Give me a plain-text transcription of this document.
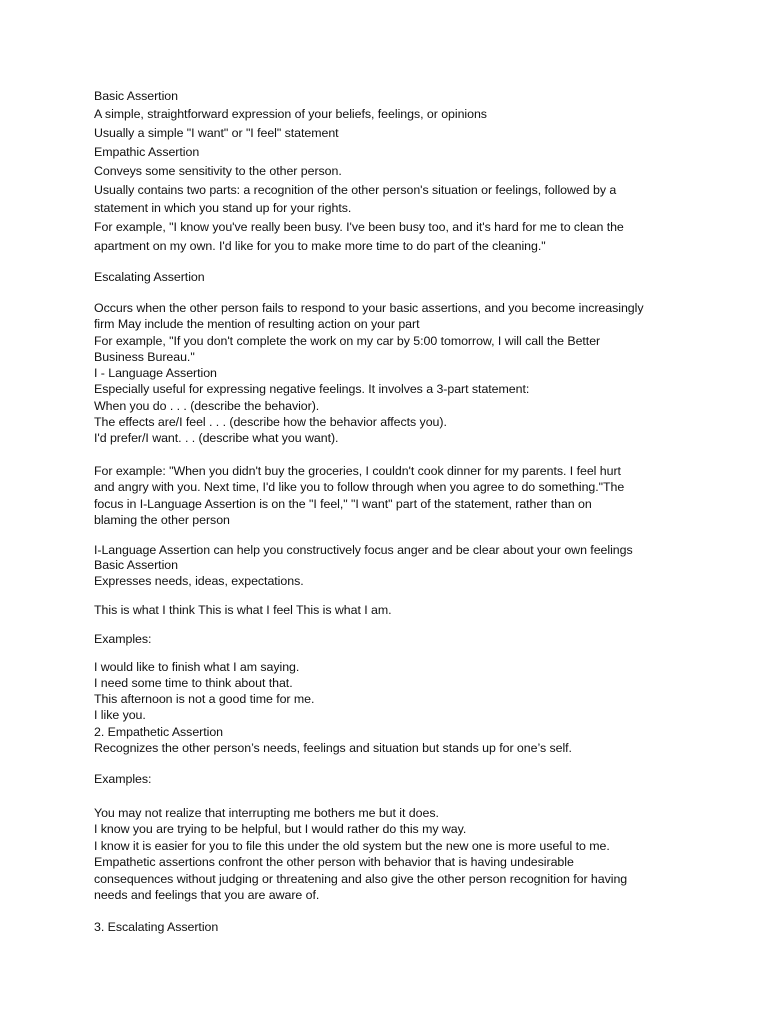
Basic Assertion

A simple, straightforward expression of your beliefs, feelings, or opinions

Usually a simple "I want" or "I feel" statement

Empathic Assertion

Conveys some sensitivity to the other person.

Usually contains two parts: a recognition of the other person's situation or feelings, followed by a

statement in which you stand up for your rights.

For example, "I know you've really been busy. I've been busy too, and it's hard for me to clean the

apartment on my own. I'd like for you to make more time to do part of the cleaning."

Escalating Assertion

Occurs when the other person fails to respond to your basic assertions, and you become increasingly

firm May include the mention of resulting action on your part

For example, "If you don't complete the work on my car by 5:00 tomorrow, I will call the Better

Business Bureau."

I - Language Assertion

Especially useful for expressing negative feelings. It involves a 3-part statement:

When you do . . . (describe the behavior).

The effects are/I feel . . . (describe how the behavior affects you).

I'd prefer/I want. . . (describe what you want).

For example: "When you didn't buy the groceries, I couldn't cook dinner for my parents. I feel hurt

and angry with you. Next time, I'd like you to follow through when you agree to do something."The

focus in I-Language Assertion is on the "I feel," "I want" part of the statement, rather than on

blaming the other person

I-Language Assertion can help you constructively focus anger and be clear about your own feelings

Basic Assertion

Expresses needs, ideas, expectations.

This is what I think This is what I feel This is what I am.

Examples:

I would like to finish what I am saying.

I need some time to think about that.

This afternoon is not a good time for me.

I like you.

2. Empathetic Assertion

Recognizes the other person’s needs, feelings and situation but stands up for one’s self.

Examples:

You may not realize that interrupting me bothers me but it does.

I know you are trying to be helpful, but I would rather do this my way.

I know it is easier for you to file this under the old system but the new one is more useful to me.

Empathetic assertions confront the other person with behavior that is having undesirable

consequences without judging or threatening and also give the other person recognition for having

needs and feelings that you are aware of.

3. Escalating Assertion
